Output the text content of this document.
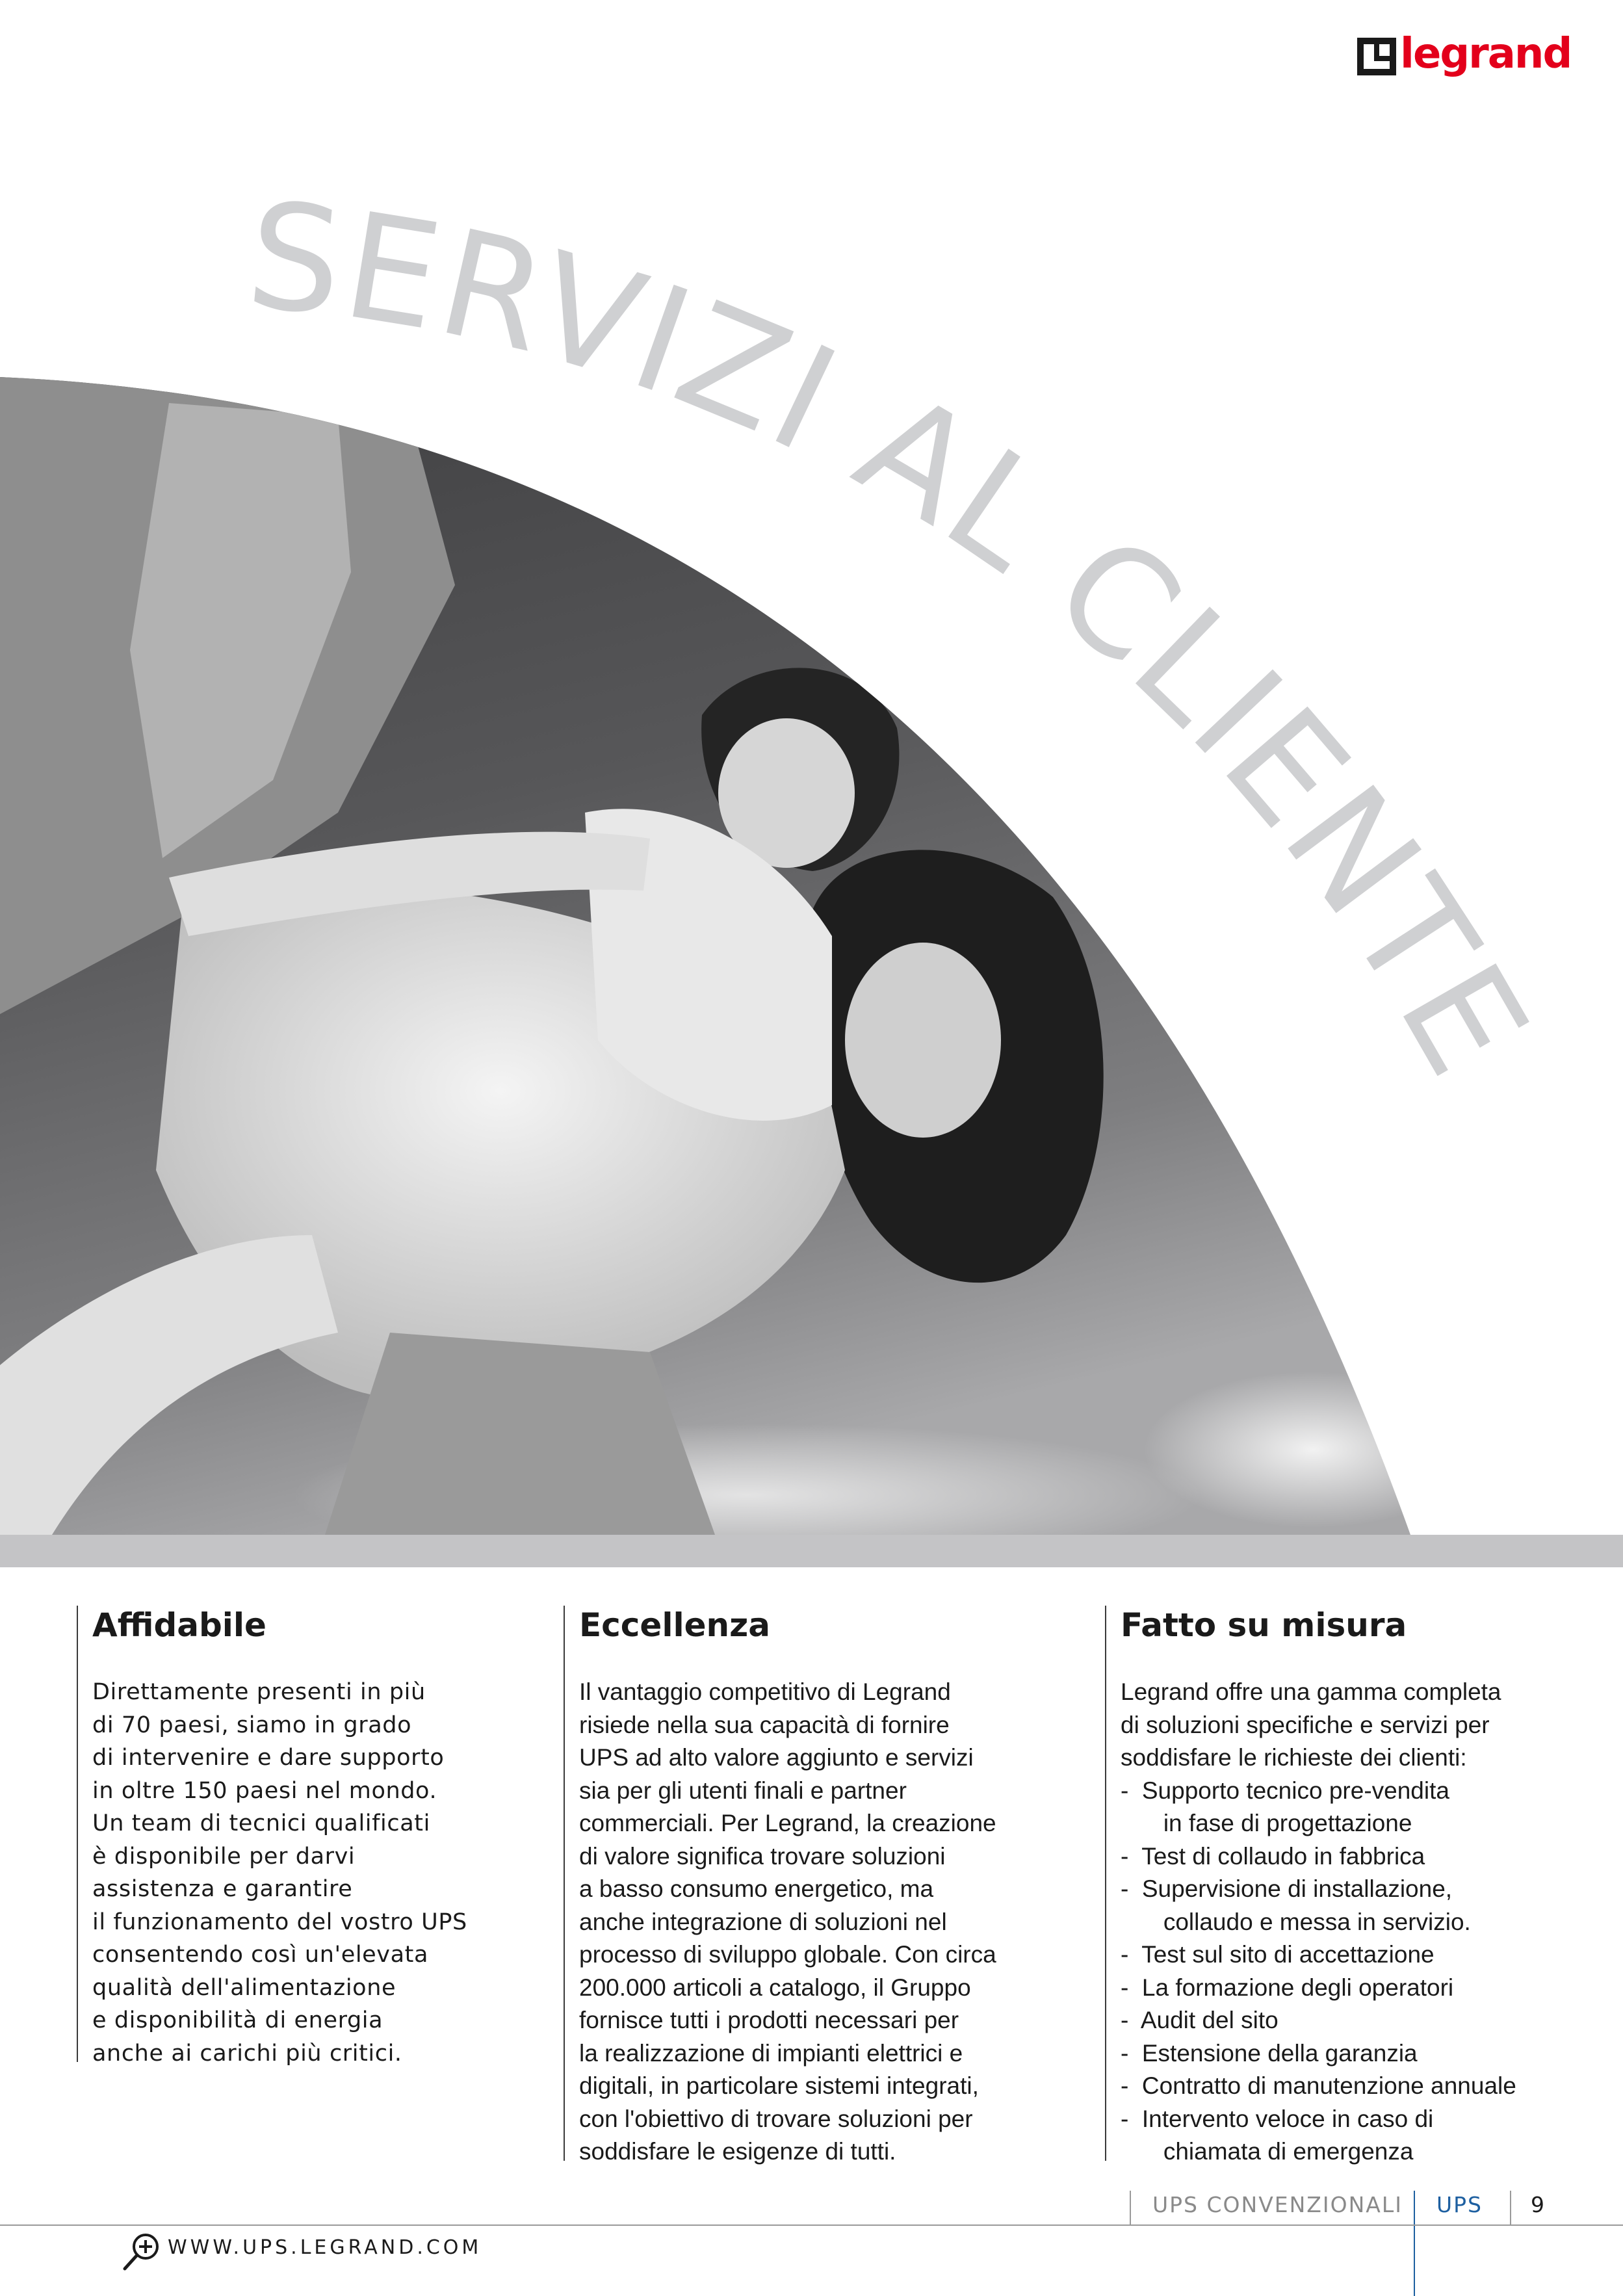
legrand
SERVIZI AL CLIENTE
Affidabile
Direttamente presenti in più
di 70 paesi, siamo in grado
di intervenire e dare supporto
in oltre 150 paesi nel mondo.
Un team di tecnici qualificati
è disponibile per darvi
assistenza e garantire
il funzionamento del vostro UPS
consentendo così un'elevata
qualità dell'alimentazione
e disponibilità di energia
anche ai carichi più critici.
Eccellenza
Il vantaggio competitivo di Legrand
risiede nella sua capacità di fornire
UPS ad alto valore aggiunto e servizi
sia per gli utenti finali e partner
commerciali. Per Legrand, la creazione
di valore significa trovare soluzioni
a basso consumo energetico, ma
anche integrazione di soluzioni nel
processo di sviluppo globale. Con circa
200.000 articoli a catalogo, il Gruppo
fornisce tutti i prodotti necessari per
la realizzazione di impianti elettrici e
digitali, in particolare sistemi integrati,
con l'obiettivo di trovare soluzioni per
soddisfare le esigenze di tutti.
Fatto su misura
Legrand offre una gamma completa
di soluzioni specifiche e servizi per
soddisfare le richieste dei clienti:
-  Supporto tecnico pre-vendita
in fase di progettazione
-  Test di collaudo in fabbrica
-  Supervisione di installazione,
collaudo e messa in servizio.
-  Test sul sito di accettazione
-  La formazione degli operatori
-  Audit del sito
-  Estensione della garanzia
-  Contratto di manutenzione annuale
-  Intervento veloce in caso di
chiamata di emergenza
UPS CONVENZIONALI UPS 9
WWW.UPS.LEGRAND.COM
